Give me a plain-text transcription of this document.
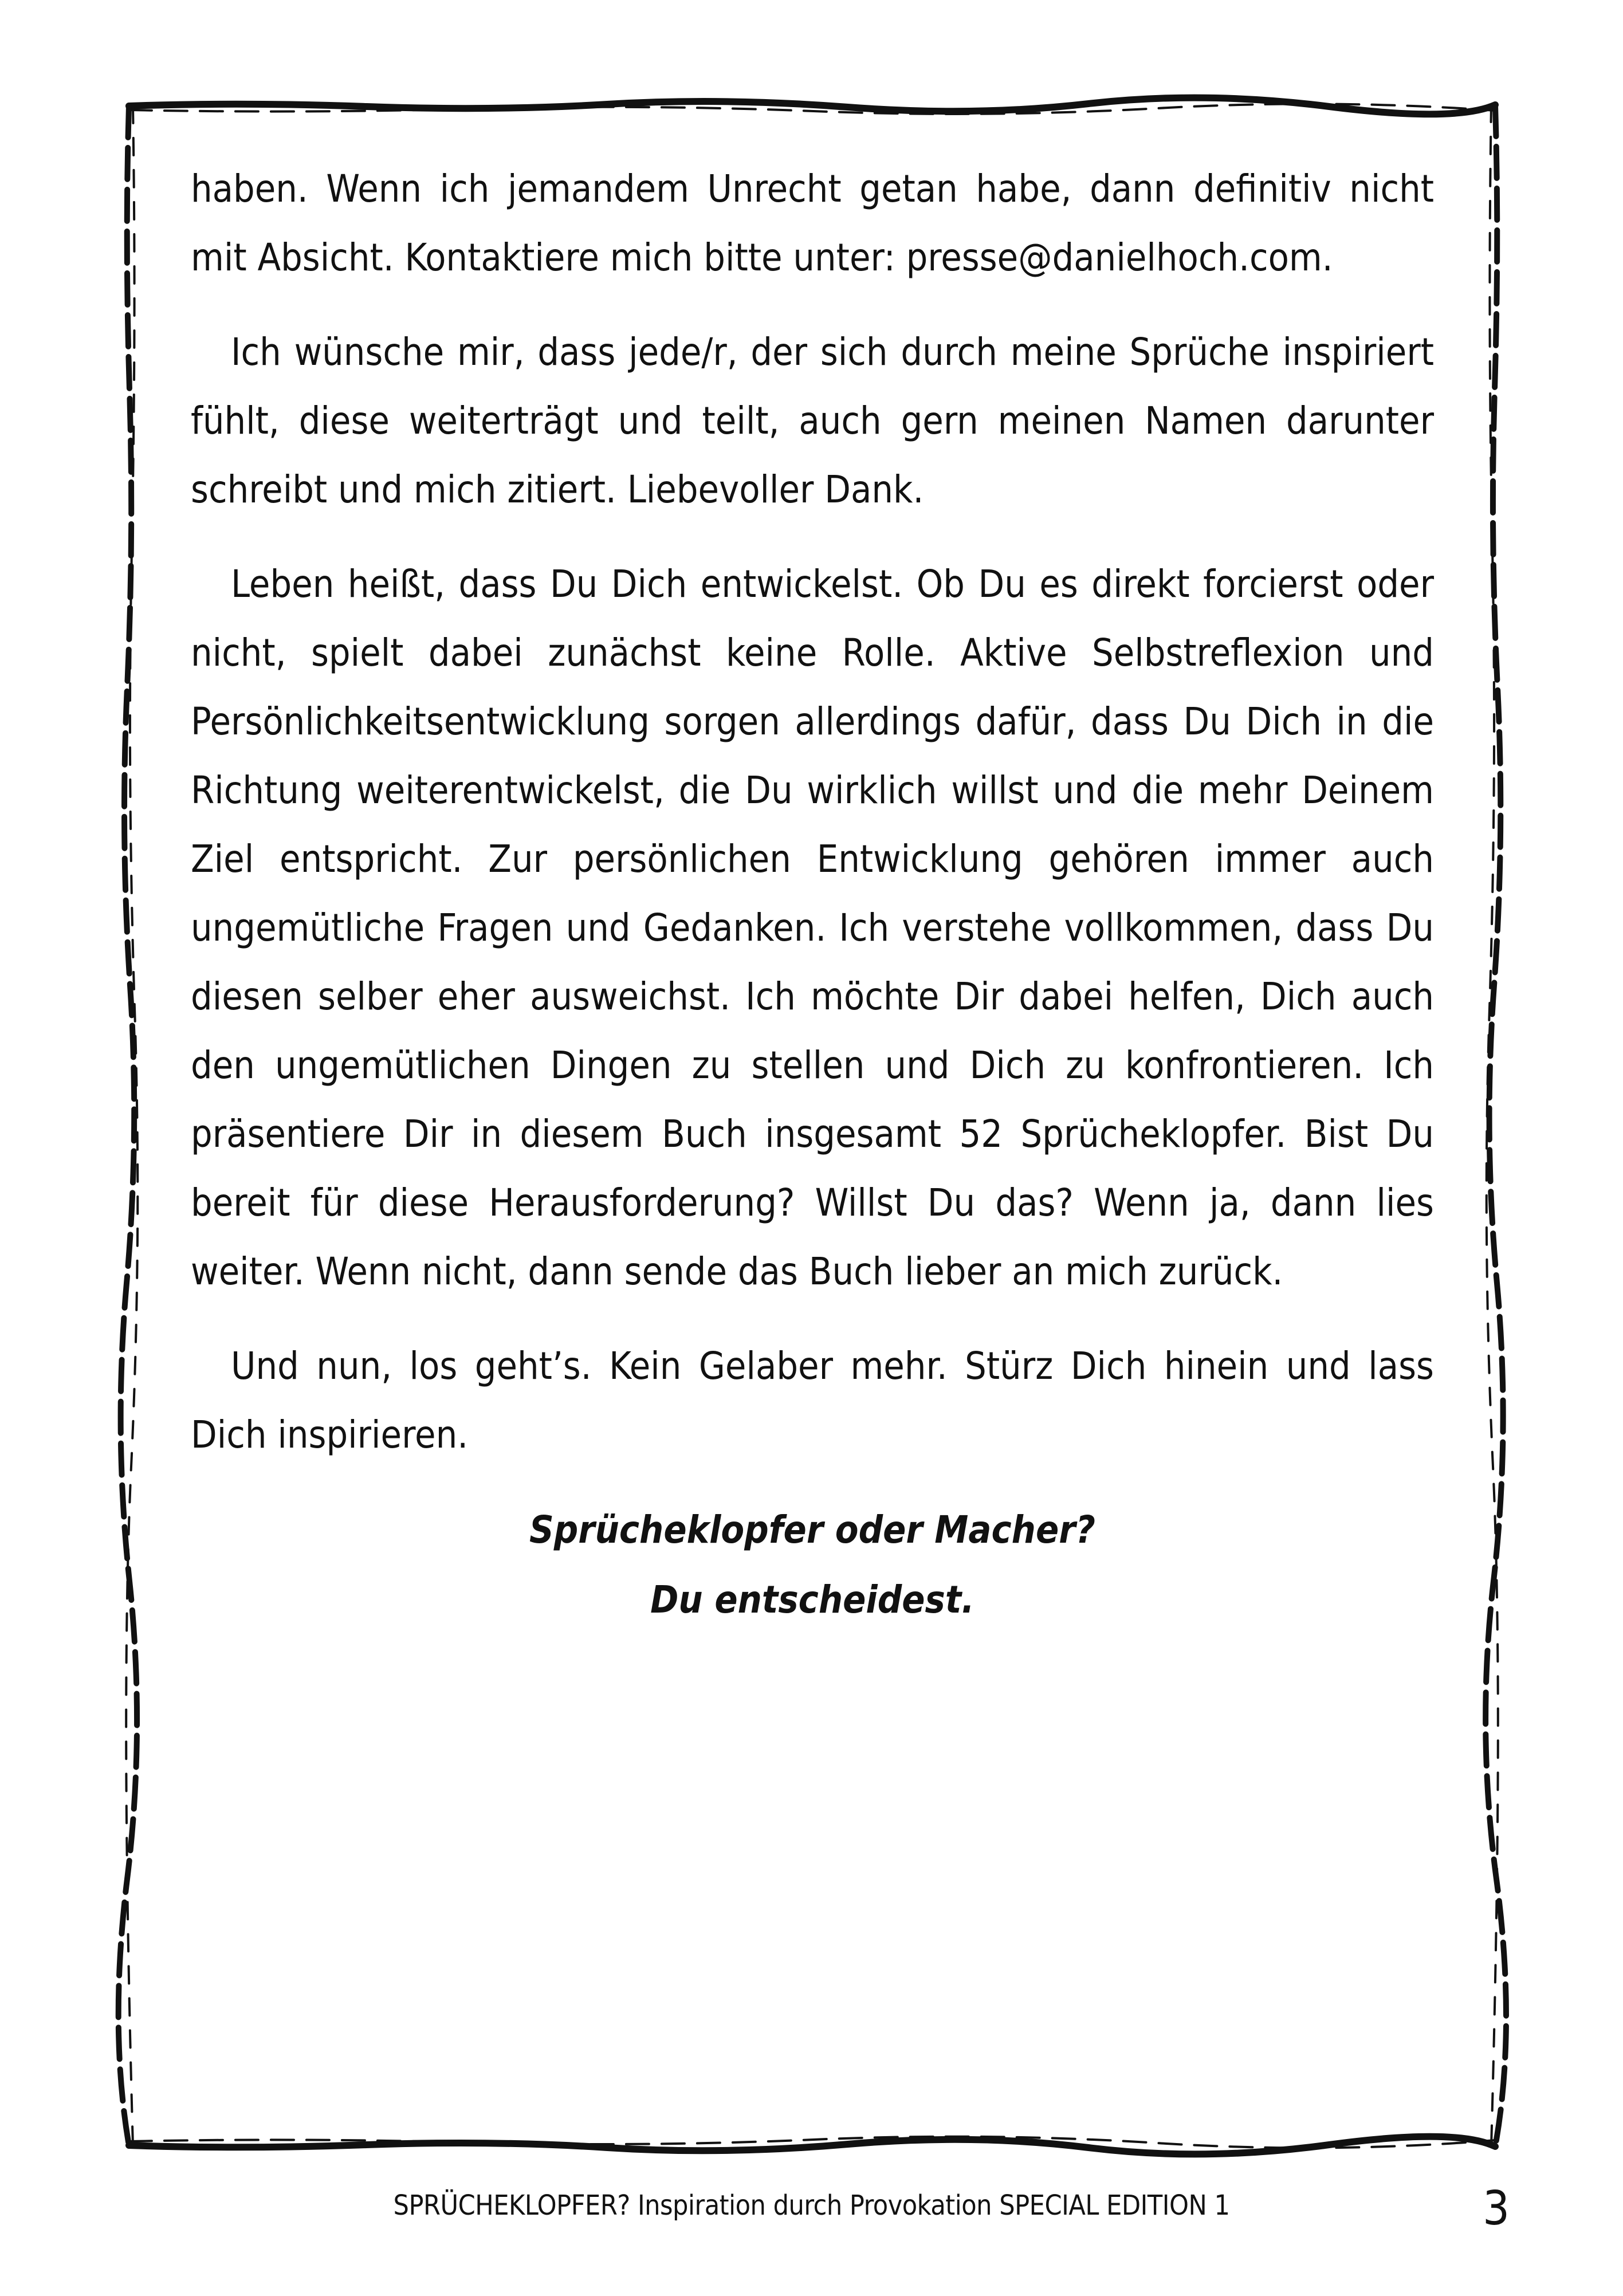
haben. Wenn ich jemandem Unrecht getan habe, dann definitiv nicht mit Absicht. Kontaktiere mich bitte unter: presse@danielhoch.com.

Ich wünsche mir, dass jede/r, der sich durch meine Sprüche inspiriert fühlt, diese weiterträgt und teilt, auch gern meinen Namen darunter schreibt und mich zitiert. Liebevoller Dank.

Leben heißt, dass Du Dich entwickelst. Ob Du es direkt forcierst oder nicht, spielt dabei zunächst keine Rolle. Aktive Selbstreflexion und Persönlichkeitsentwicklung sorgen allerdings dafür, dass Du Dich in die Richtung weiterentwickelst, die Du wirklich willst und die mehr Deinem Ziel entspricht. Zur persönlichen Entwicklung gehören immer auch ungemütliche Fragen und Gedanken. Ich verstehe vollkommen, dass Du diesen selber eher ausweichst. Ich möchte Dir dabei helfen, Dich auch den ungemütlichen Dingen zu stellen und Dich zu konfrontieren. Ich präsentiere Dir in diesem Buch insgesamt 52 Sprücheklopfer. Bist Du bereit für diese Herausforderung? Willst Du das? Wenn ja, dann lies weiter. Wenn nicht, dann sende das Buch lieber an mich zurück.

Und nun, los geht’s. Kein Gelaber mehr. Stürz Dich hinein und lass Dich inspirieren.

Sprücheklopfer oder Macher?
Du entscheidest.
SPRÜCHEKLOPFER? Inspiration durch Provokation SPECIAL EDITION 1	3
